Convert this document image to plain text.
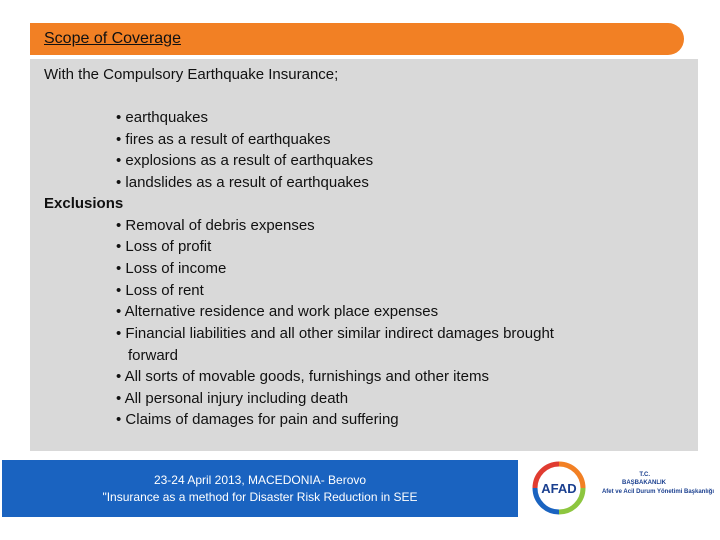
Scope of Coverage
With the Compulsory Earthquake Insurance;
• earthquakes
• fires as a result of earthquakes
• explosions as a result of earthquakes
• landslides as a result of earthquakes
Exclusions
• Removal of debris expenses
• Loss of profit
• Loss of income
• Loss of rent
• Alternative residence and work place expenses
• Financial liabilities and all other similar indirect damages brought
forward
• All sorts of movable goods, furnishings and other items
• All personal injury including death
• Claims of damages for pain and suffering
23-24 April 2013, MACEDONIA- Berovo
"Insurance as a method for Disaster Risk Reduction in SEE
AFAD
T.C.
BAŞBAKANLIK
Afet ve Acil Durum Yönetimi Başkanlığı
